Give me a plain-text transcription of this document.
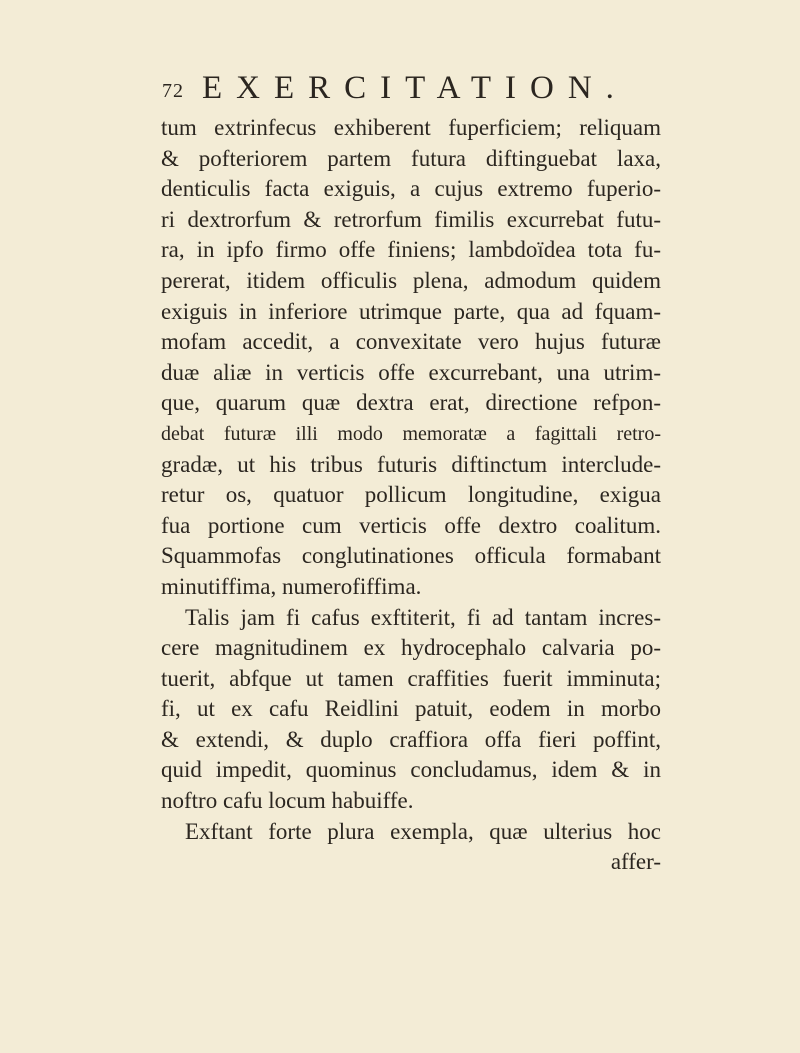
72 EXERCITATION.
tum extrinfecus exhiberent fuperficiem; reliquam
& pofteriorem partem futura diftinguebat laxa,
denticulis facta exiguis, a cujus extremo fuperio-
ri dextrorfum & retrorfum fimilis excurrebat futu-
ra, in ipfo firmo offe finiens; lambdoïdea tota fu-
pererat, itidem officulis plena, admodum quidem
exiguis in inferiore utrimque parte, qua ad fquam-
mofam accedit, a convexitate vero hujus futuræ
duæ aliæ in verticis offe excurrebant, una utrim-
que, quarum quæ dextra erat, directione refpon-
debat futuræ illi modo memoratæ a fagittali retro-
gradæ, ut his tribus futuris diftinctum interclude-
retur os, quatuor pollicum longitudine, exigua
fua portione cum verticis offe dextro coalitum.
Squammofas conglutinationes officula formabant
minutiffima, numerofiffima.
Talis jam fi cafus exftiterit, fi ad tantam incres-
cere magnitudinem ex hydrocephalo calvaria po-
tuerit, abfque ut tamen craffities fuerit imminuta;
fi, ut ex cafu Reidlini patuit, eodem in morbo
& extendi, & duplo craffiora offa fieri poffint,
quid impedit, quominus concludamus, idem & in
noftro cafu locum habuiffe.
Exftant forte plura exempla, quæ ulterius hoc
affer-
